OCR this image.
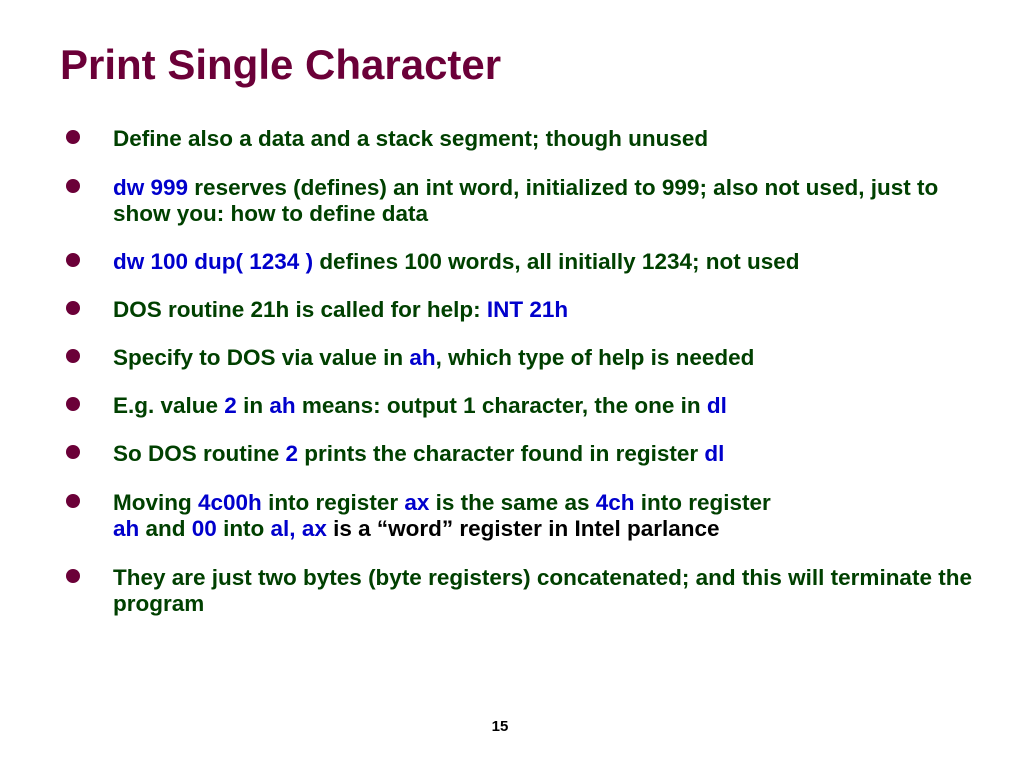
Print Single Character
Define also a data and a stack segment; though unused
dw 999 reserves (defines) an int word, initialized to 999; also not used, just to show you: how to define data
dw 100 dup( 1234 ) defines 100 words, all initially 1234; not used
DOS routine 21h is called for help: INT 21h
Specify to DOS via value in ah, which type of help is needed
E.g. value 2 in ah means: output 1 character, the one in dl
So DOS routine 2 prints the character found in register dl
Moving 4c00h into register ax is the same as 4ch into register
ah and 00 into al, ax is a “word” register in Intel parlance
They are just two bytes (byte registers) concatenated; and this will terminate the program
15
